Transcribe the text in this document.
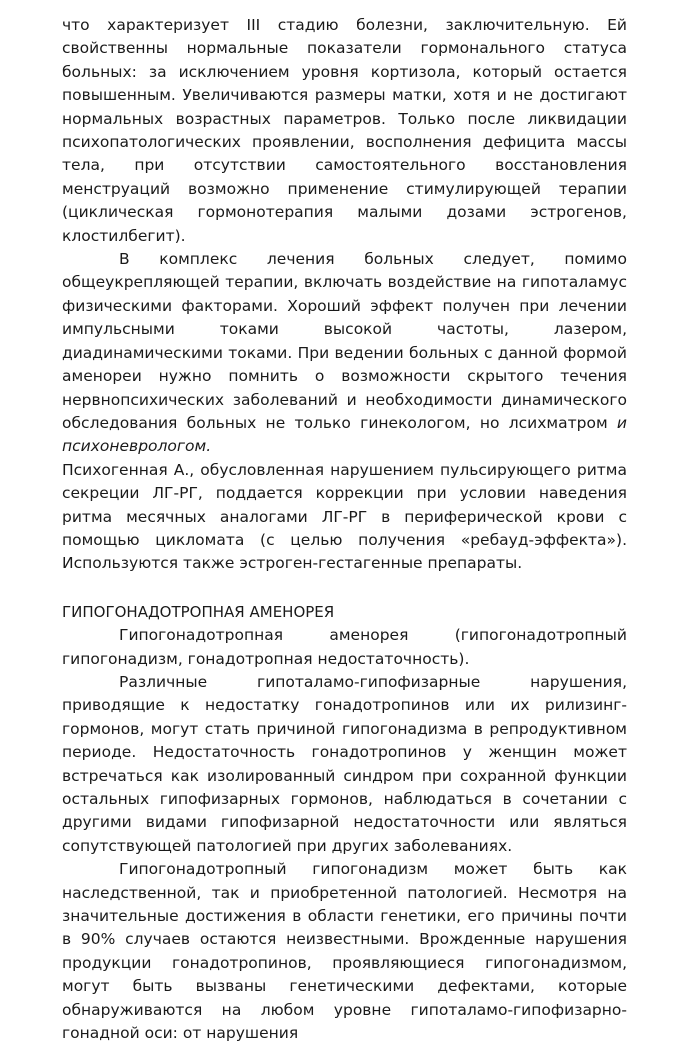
что характеризует III стадию болезни, заключительную. Ей свойственны нормальные показатели гормонального статуса больных: за исключением уровня кортизола, который остается повышенным. Увеличиваются размеры матки, хотя и не достигают нормальных возрастных параметров. Только после ликвидации психопатологических проявлении, восполнения дефицита массы тела, при отсутствии самостоятельного восстановления менструаций возможно применение стимулирующей терапии (циклическая гормонотерапия малыми дозами эстрогенов, клостилбегит).

В комплекс лечения больных следует, помимо общеукрепляющей терапии, включать воздействие на гипоталамус физическими факторами. Хороший эффект получен при лечении импульсными токами высокой частоты, лазером, диадинамическими токами. При ведении больных с данной формой аменореи нужно помнить о возможности скрытого течения нервнопсихических заболеваний и необходимости динамического обследования больных не только гинекологом, но лсихматром и психоневрологом.

Психогенная А., обусловленная нарушением пульсирующего ритма секреции ЛГ-РГ, поддается коррекции при условии наведения ритма месячных аналогами ЛГ-РГ в периферической крови с помощью цикломата (с целью получения «ребауд-эффекта»). Используются также эстроген-гестагенные препараты.

ГИПОГОНАДОТРОПНАЯ АМЕНОРЕЯ

Гипогонадотропная аменорея (гипогонадотропный гипогонадизм, гонадотропная недостаточность).

Различные гипоталамо-гипофизарные нарушения, приводящие к недостатку гонадотропинов или их рилизинг-гормонов, могут стать причиной гипогонадизма в репродуктивном периоде. Недостаточность гонадотропинов у женщин может встречаться как изолированный синдром при сохранной функции остальных гипофизарных гормонов, наблюдаться в сочетании с другими видами гипофизарной недостаточности или являться сопутствующей патологией при других заболеваниях.

Гипогонадотропный гипогонадизм может быть как наследственной, так и приобретенной патологией. Несмотря на значительные достижения в области генетики, его причины почти в 90% случаев остаются неизвестными. Врожденные нарушения продукции гонадотропинов, проявляющиеся гипогонадизмом, могут быть вызваны генетическими дефектами, которые обнаруживаются на любом уровне гипоталамо-гипофизарно-гонадной оси: от нарушения
